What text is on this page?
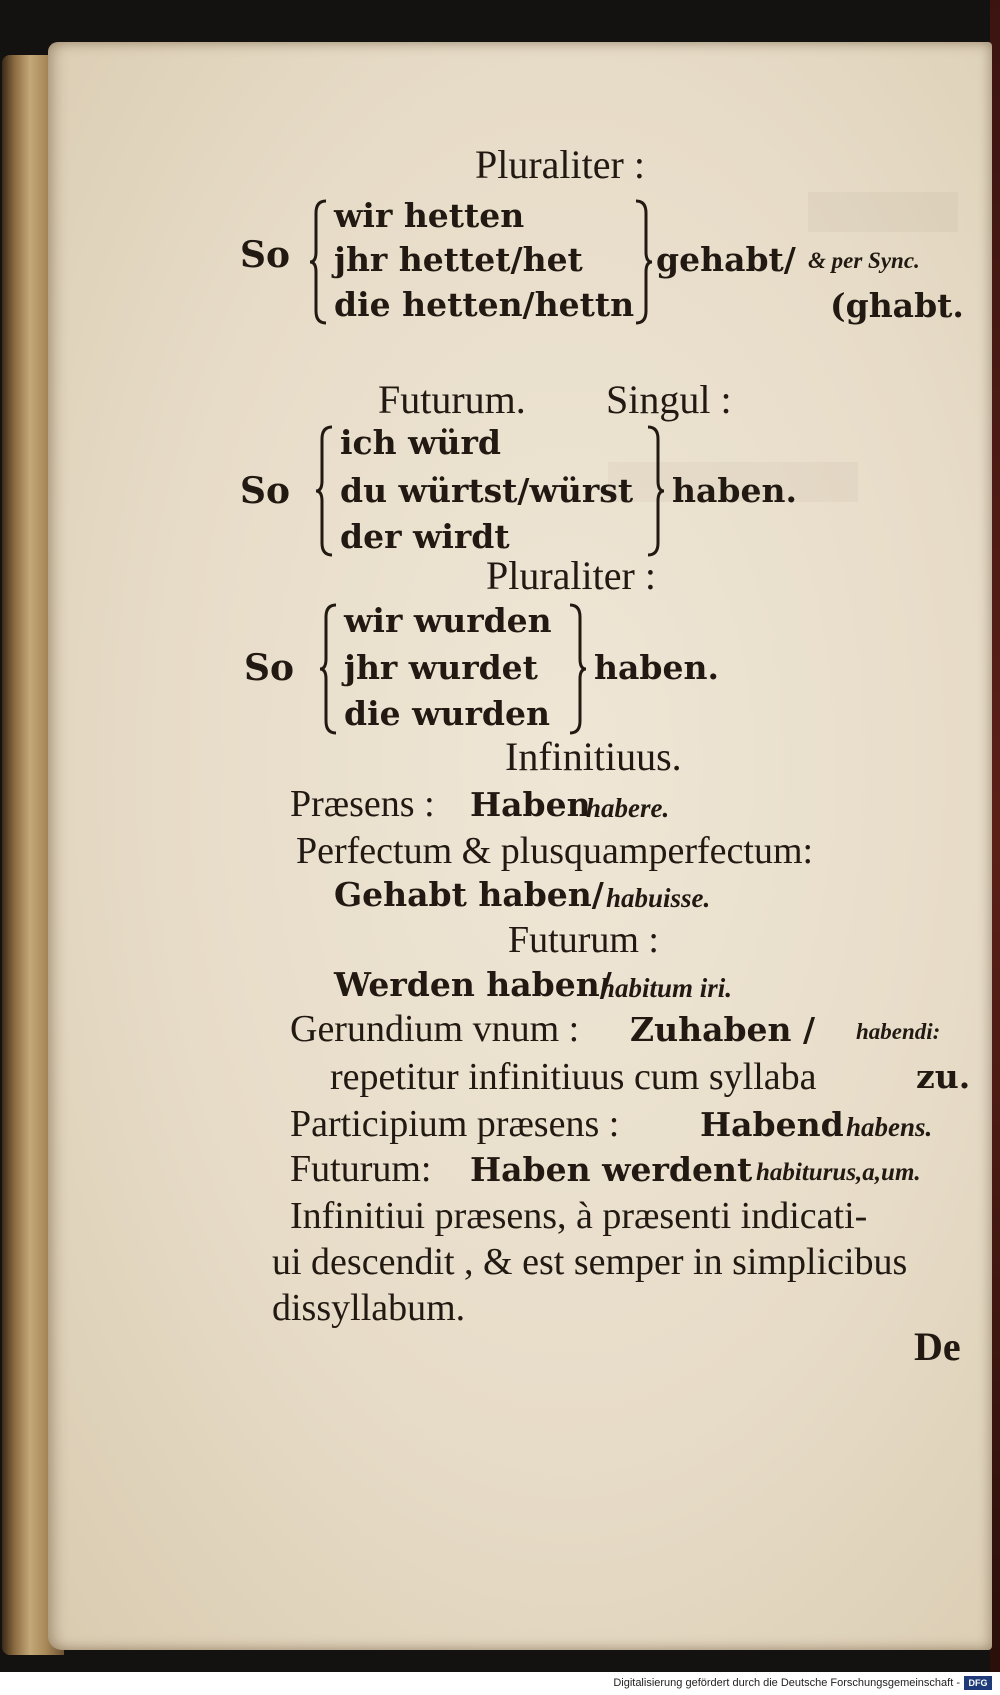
Pluraliter :
So
wir hetten
jhr hettet/het
die hetten/hettn
gehabt/ & per Sync.
(ghabt.
Futurum. Singul :
So
ich würd
du würtst/würst
der wirdt
haben.
Pluraliter :
So
wir wurden
jhr wurdet
die wurden
haben.
Infinitiuus.
Præsens : Haben
habere.
Perfectum & plusquamperfectum:
Gehabt haben/ habuisse.
Futurum :
Werden haben/
habitum iri.
Gerundium vnum : Zuhaben / habendi:
repetitur infinitiuus cum syllaba	zu.
Participium præsens : Habend habens.
Futurum: Haben werdent habiturus,a,um.
Infinitiui præsens, à præsenti indicati-
ui descendit , & est semper in simplicibus
dissyllabum.
De
Digitalisierung gefördert durch die Deutsche Forschungsgemeinschaft - DFG
